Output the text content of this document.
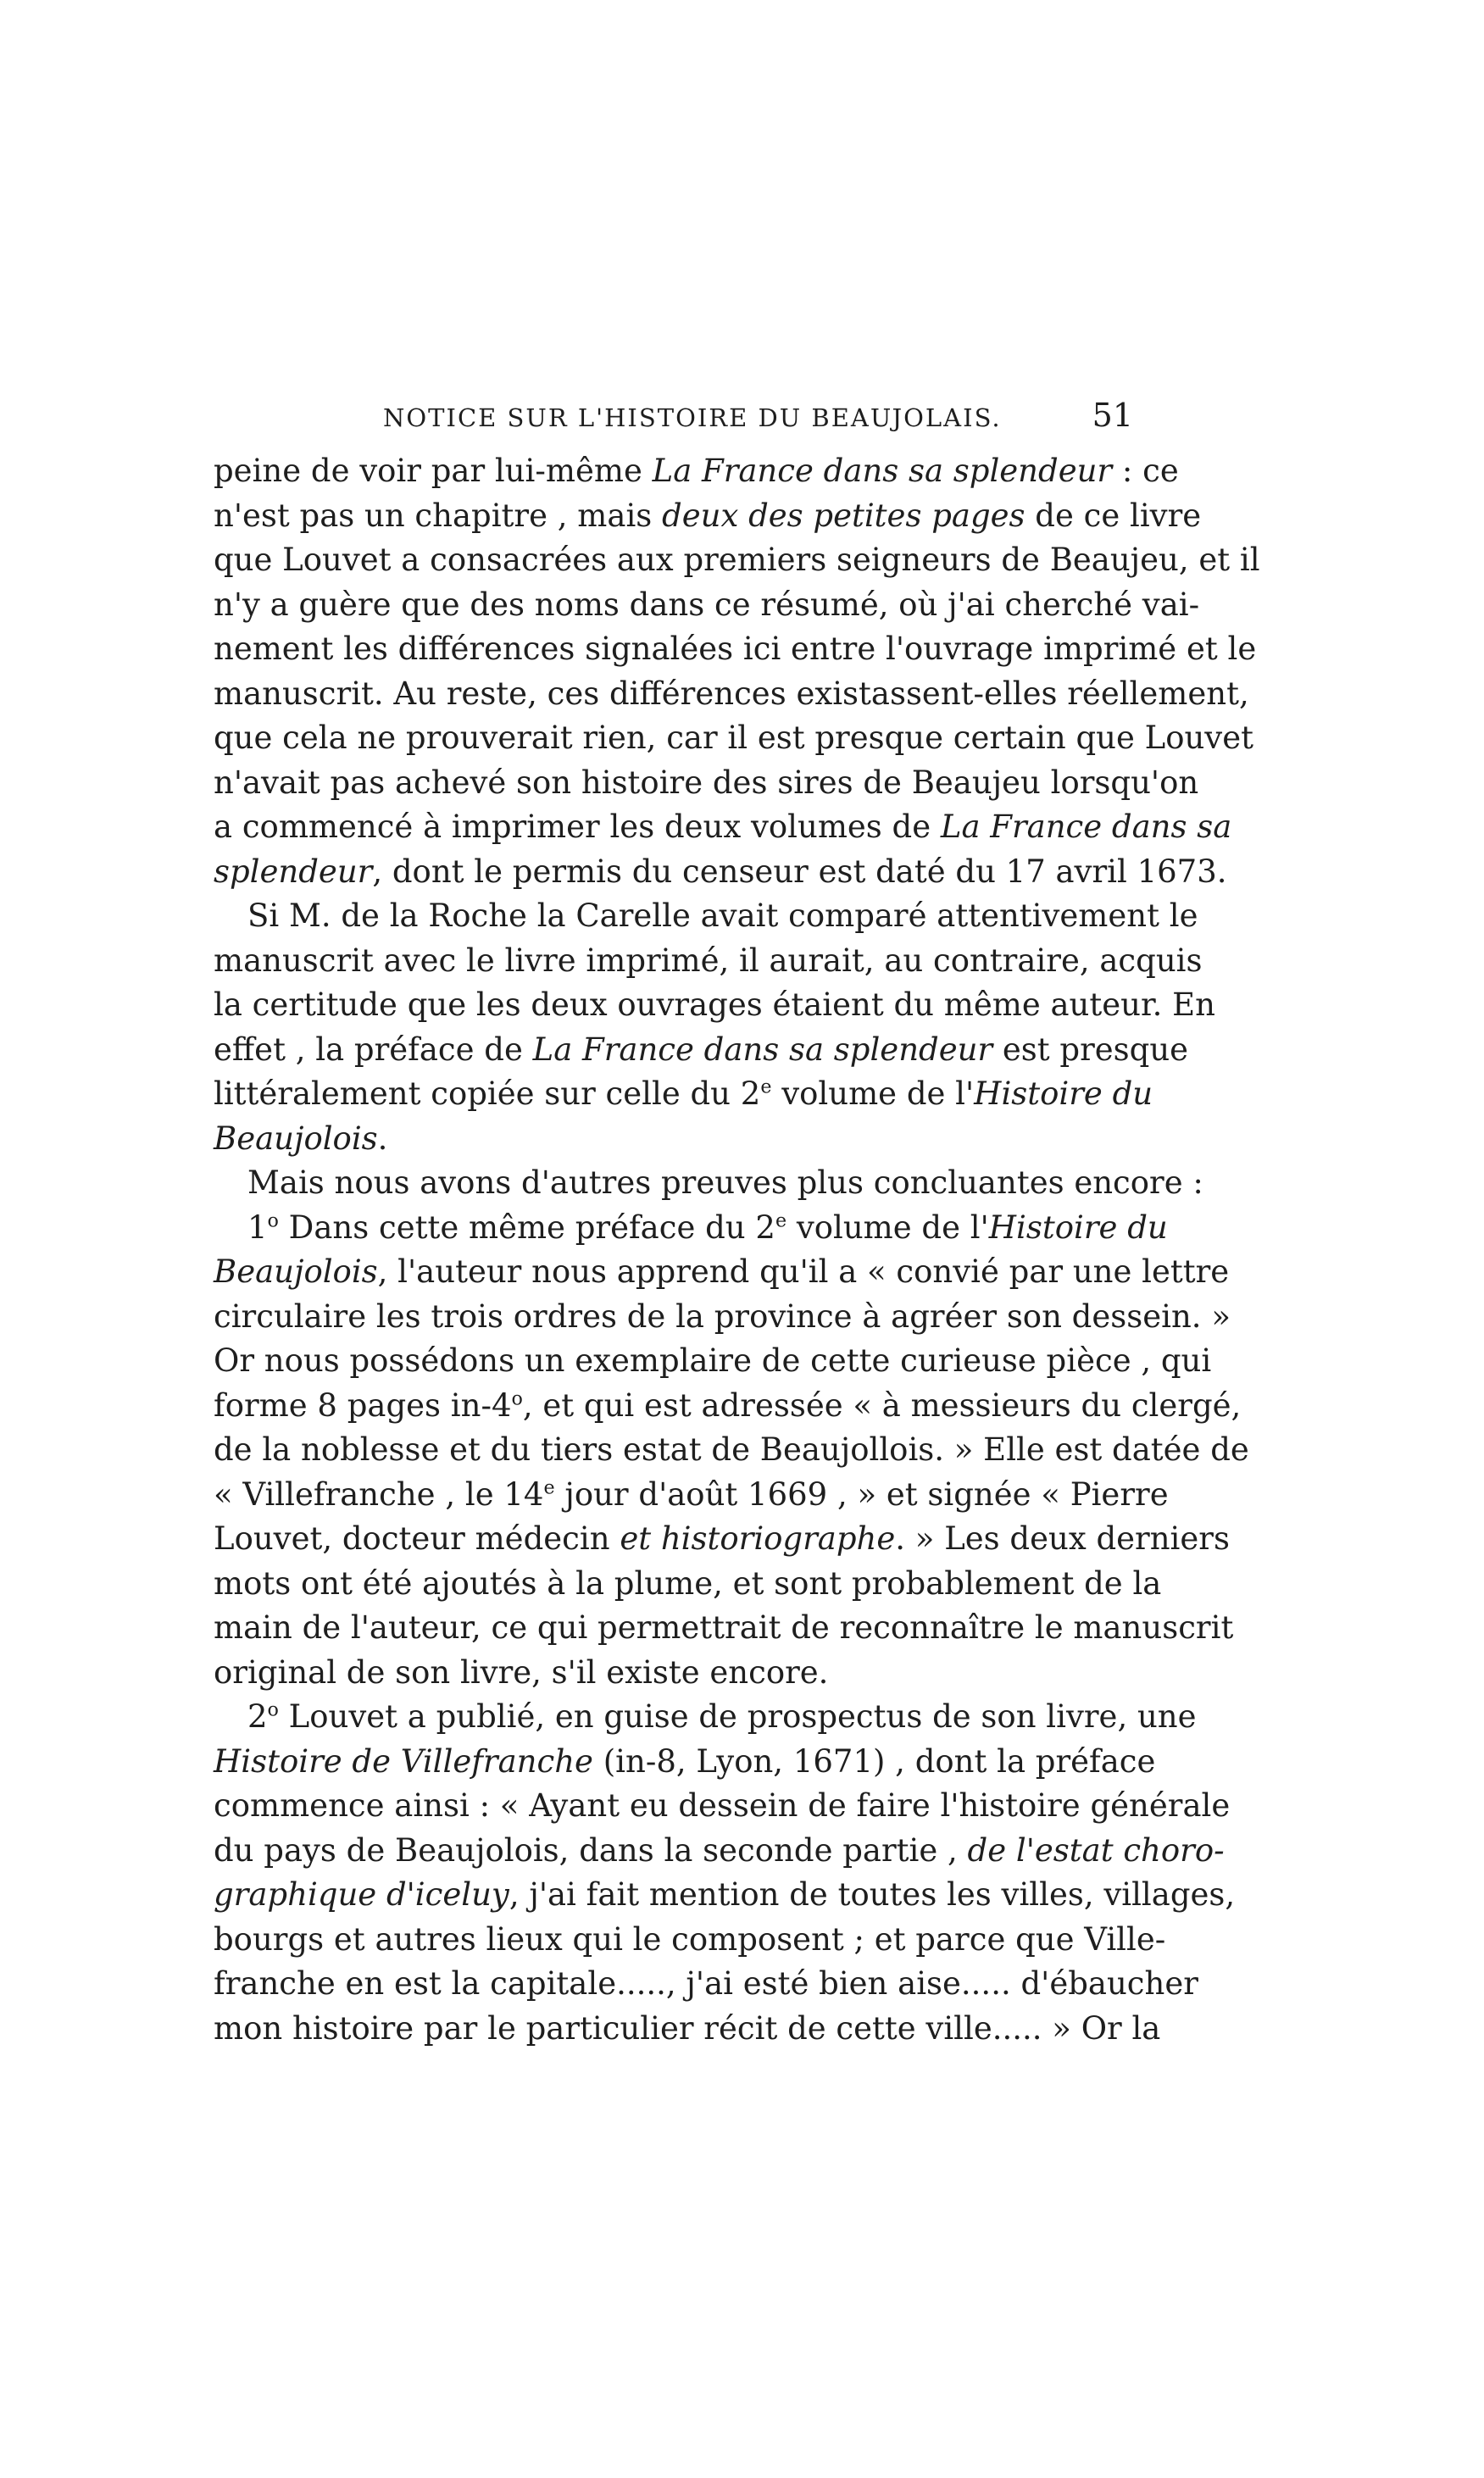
NOTICE SUR L'HISTOIRE DU BEAUJOLAIS.	51
peine de voir par lui-même La France dans sa splendeur : ce
n'est pas un chapitre , mais deux des petites pages de ce livre
que Louvet a consacrées aux premiers seigneurs de Beaujeu, et il
n'y a guère que des noms dans ce résumé, où j'ai cherché vai-
nement les différences signalées ici entre l'ouvrage imprimé et le
manuscrit. Au reste, ces différences existassent-elles réellement,
que cela ne prouverait rien, car il est presque certain que Louvet
n'avait pas achevé son histoire des sires de Beaujeu lorsqu'on
a commencé à imprimer les deux volumes de La France dans sa
splendeur, dont le permis du censeur est daté du 17 avril 1673.
Si M. de la Roche la Carelle avait comparé attentivement le
manuscrit avec le livre imprimé, il aurait, au contraire, acquis
la certitude que les deux ouvrages étaient du même auteur. En
effet , la préface de La France dans sa splendeur est presque
littéralement copiée sur celle du 2e volume de l'Histoire du
Beaujolois.
Mais nous avons d'autres preuves plus concluantes encore :
1$^o$ Dans cette même préface du 2e volume de l'Histoire du
Beaujolois, l'auteur nous apprend qu'il a « convié par une lettre
circulaire les trois ordres de la province à agréer son dessein. »
Or nous possédons un exemplaire de cette curieuse pièce , qui
forme 8 pages in-4$^o$, et qui est adressée « à messieurs du clergé,
de la noblesse et du tiers estat de Beaujollois. » Elle est datée de
« Villefranche , le 14e jour d'août 1669 , » et signée « Pierre
Louvet, docteur médecin et historiographe. » Les deux derniers
mots ont été ajoutés à la plume, et sont probablement de la
main de l'auteur, ce qui permettrait de reconnaître le manuscrit
original de son livre, s'il existe encore.
2$^o$ Louvet a publié, en guise de prospectus de son livre, une
Histoire de Villefranche (in-8, Lyon, 1671) , dont la préface
commence ainsi : « Ayant eu dessein de faire l'histoire générale
du pays de Beaujolois, dans la seconde partie , de l'estat choro-
graphique d'iceluy, j'ai fait mention de toutes les villes, villages,
bourgs et autres lieux qui le composent ; et parce que Ville-
franche en est la capitale....., j'ai esté bien aise..... d'ébaucher
mon histoire par le particulier récit de cette ville..... » Or la
